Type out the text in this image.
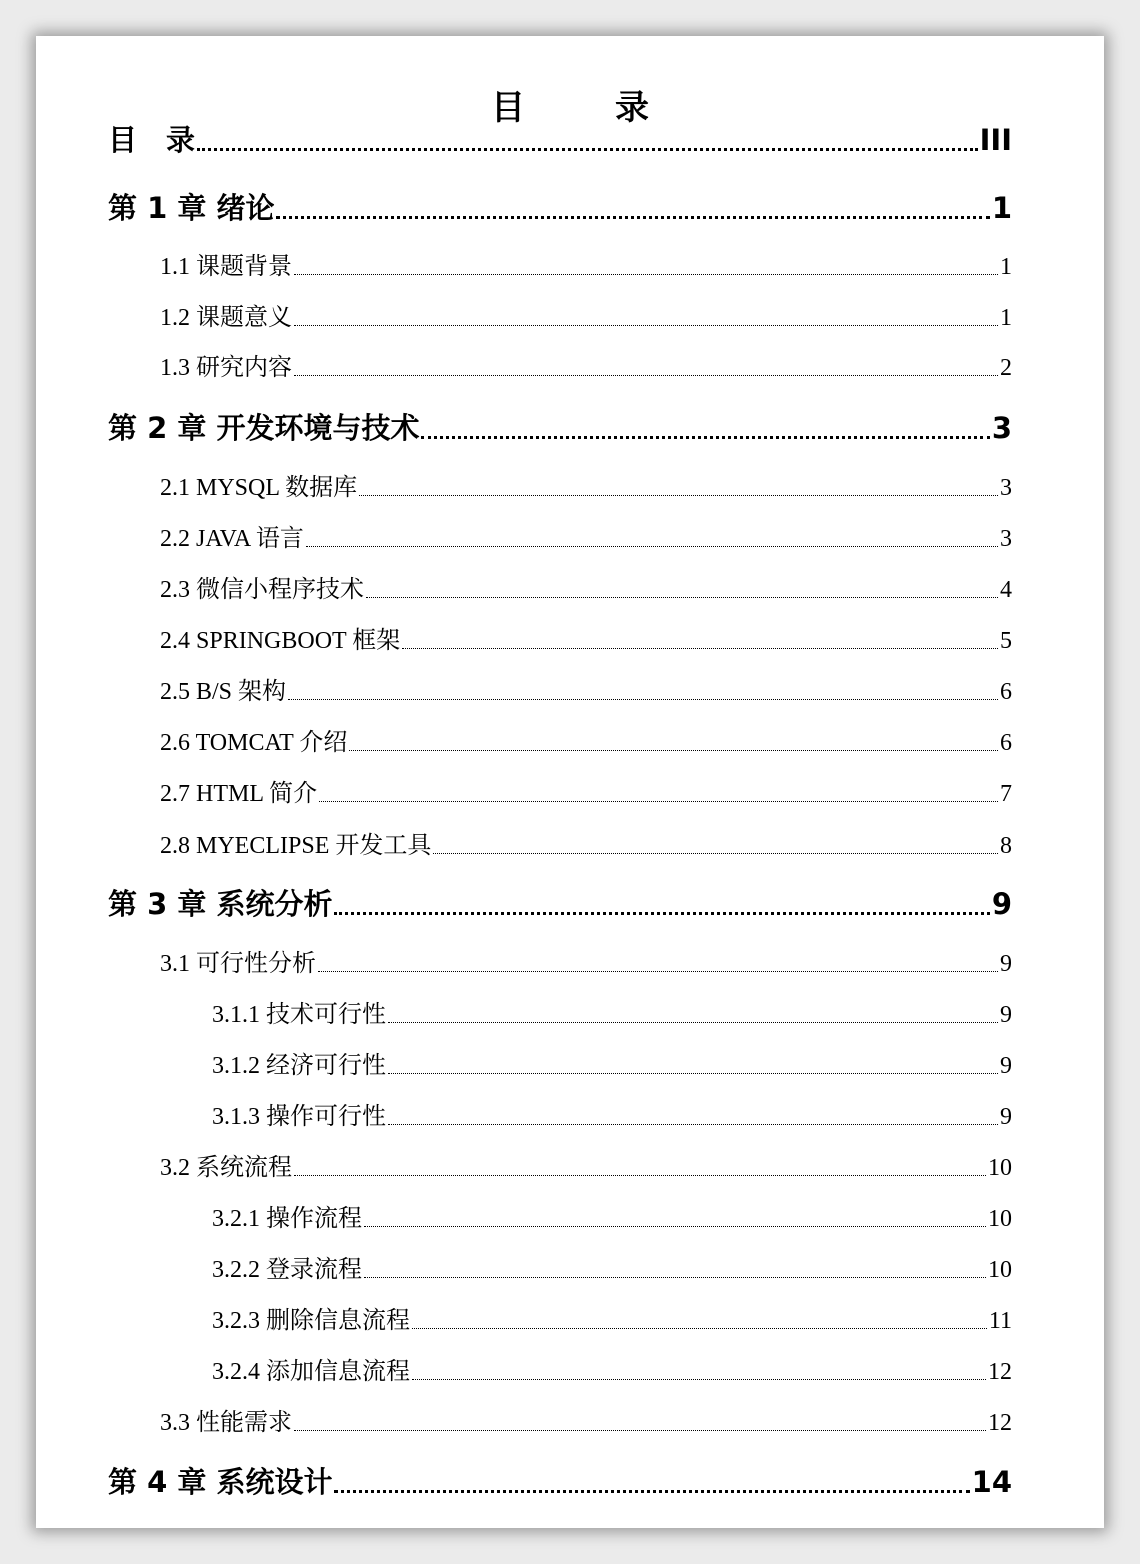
目　录
目　录	III
第 1 章 绪论	1
1.1 课题背景	1
1.2 课题意义	1
1.3 研究内容	2
第 2 章 开发环境与技术	3
2.1 MYSQL 数据库	3
2.2 JAVA 语言	3
2.3 微信小程序技术	4
2.4 SPRINGBOOT 框架	5
2.5 B/S 架构	6
2.6 TOMCAT 介绍	6
2.7 HTML 简介	7
2.8 MYECLIPSE 开发工具	8
第 3 章 系统分析	9
3.1 可行性分析	9
3.1.1 技术可行性	9
3.1.2 经济可行性	9
3.1.3 操作可行性	9
3.2 系统流程	10
3.2.1 操作流程	10
3.2.2 登录流程	10
3.2.3 删除信息流程	11
3.2.4 添加信息流程	12
3.3 性能需求	12
第 4 章 系统设计	14
